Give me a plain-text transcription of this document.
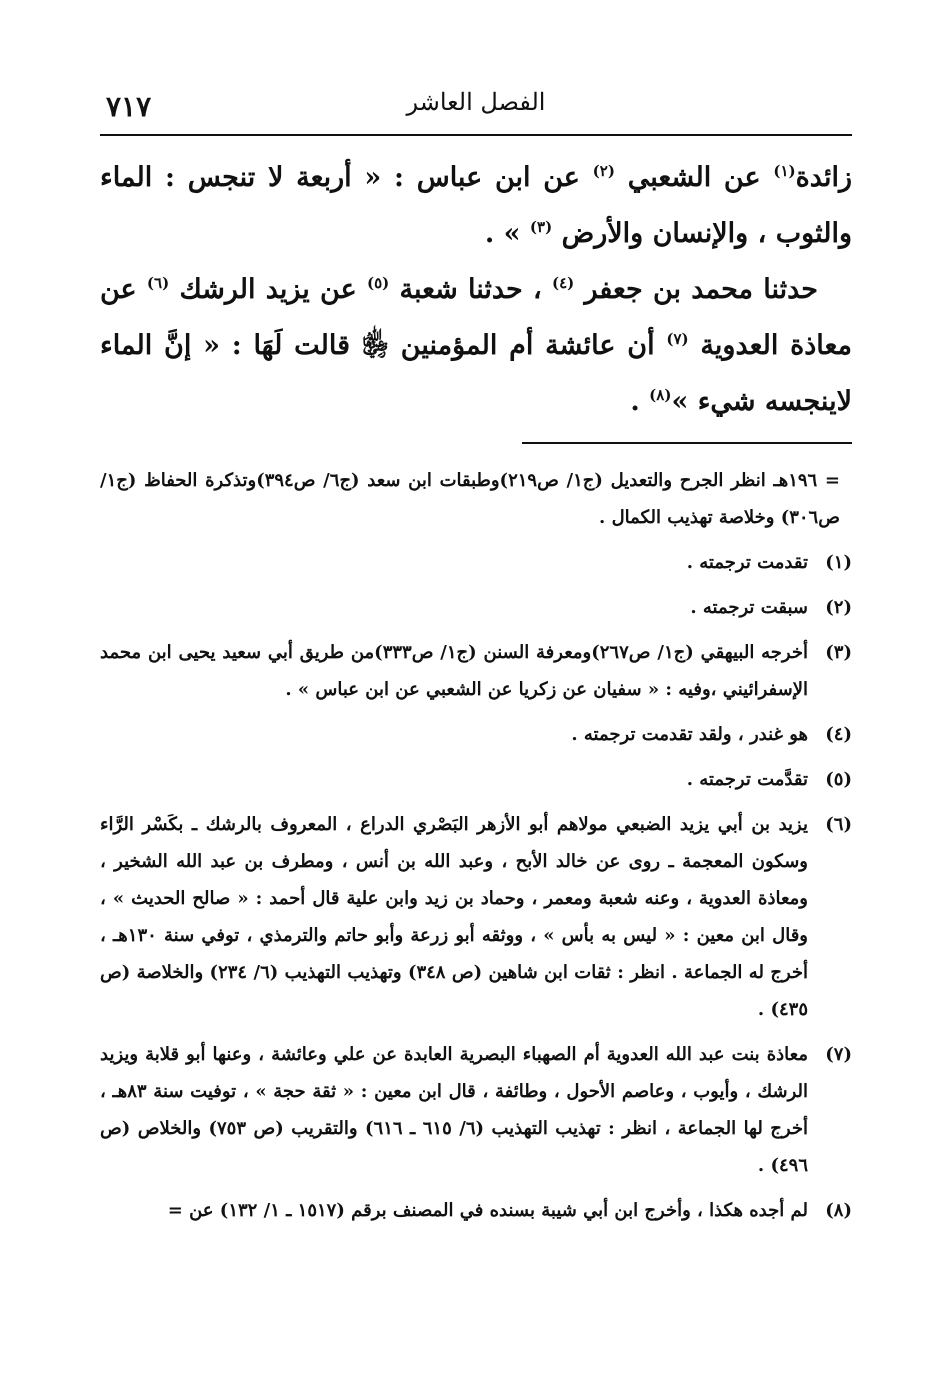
الفصل العاشر
٧١٧

زائدة$^{(١)}$ عن الشعبي $^{(٢)}$ عن ابن عباس : « أربعة لا تنجس : الماء والثوب ، والإنسان والأرض $^{(٣)}$ » .

حدثنا محمد بن جعفر $^{(٤)}$ ، حدثنا شعبة $^{(٥)}$ عن يزيد الرشك $^{(٦)}$ عن معاذة العدوية $^{(٧)}$ أن عائشة أم المؤمنين ﵂ قالت لَهَا : « إنَّ الماء لاينجسه شيء »$^{(٨)}$ .

= ١٩٦هـ انظر الجرح والتعديل (ج١/ ص٢١٩)وطبقات ابن سعد (ج٦/ ص٣٩٤)وتذكرة الحفاظ (ج١/ ص٣٠٦) وخلاصة تهذيب الكمال .
(١)
تقدمت ترجمته .
(٢)
سبقت ترجمته .
(٣)
أخرجه البيهقي (ج١/ ص٢٦٧)ومعرفة السنن (ج١/ ص٣٣٣)من طريق أبي سعيد يحيى ابن محمد الإسفرائيني ،وفيه : « سفيان عن زكريا عن الشعبي عن ابن عباس » .
(٤)
هو غندر ، ولقد تقدمت ترجمته .
(٥)
تقدَّمت ترجمته .
(٦)
يزيد بن أبي يزيد الضبعي مولاهم أبو الأزهر البَصْري الدراع ، المعروف بالرشك ـ بكَسْر الرَّاء وسكون المعجمة ـ روى عن خالد الأبح ، وعبد الله بن أنس ، ومطرف بن عبد الله الشخير ، ومعاذة العدوية ، وعنه شعبة ومعمر ، وحماد بن زيد وابن علية قال أحمد : « صالح الحديث » ، وقال ابن معين : « ليس به بأس » ، ووثقه أبو زرعة وأبو حاتم والترمذي ، توفي سنة ١٣٠هـ ، أخرج له الجماعة . انظر : ثقات ابن شاهين (ص ٣٤٨) وتهذيب التهذيب (٦/ ٢٣٤) والخلاصة (ص ٤٣٥) .
(٧)
معاذة بنت عبد الله العدوية أم الصهباء البصرية العابدة عن علي وعائشة ، وعنها أبو قلابة ويزيد الرشك ، وأيوب ، وعاصم الأحول ، وطائفة ، قال ابن معين : « ثقة حجة » ، توفيت سنة ٨٣هـ ، أخرج لها الجماعة ، انظر : تهذيب التهذيب (٦/ ٦١٥ ـ ٦١٦) والتقريب (ص ٧٥٣) والخلاص (ص ٤٩٦) .
(٨)
لم أجده هكذا ، وأخرج ابن أبي شيبة بسنده في المصنف برقم (١٥١٧ ـ ١/ ١٣٢) عن =
